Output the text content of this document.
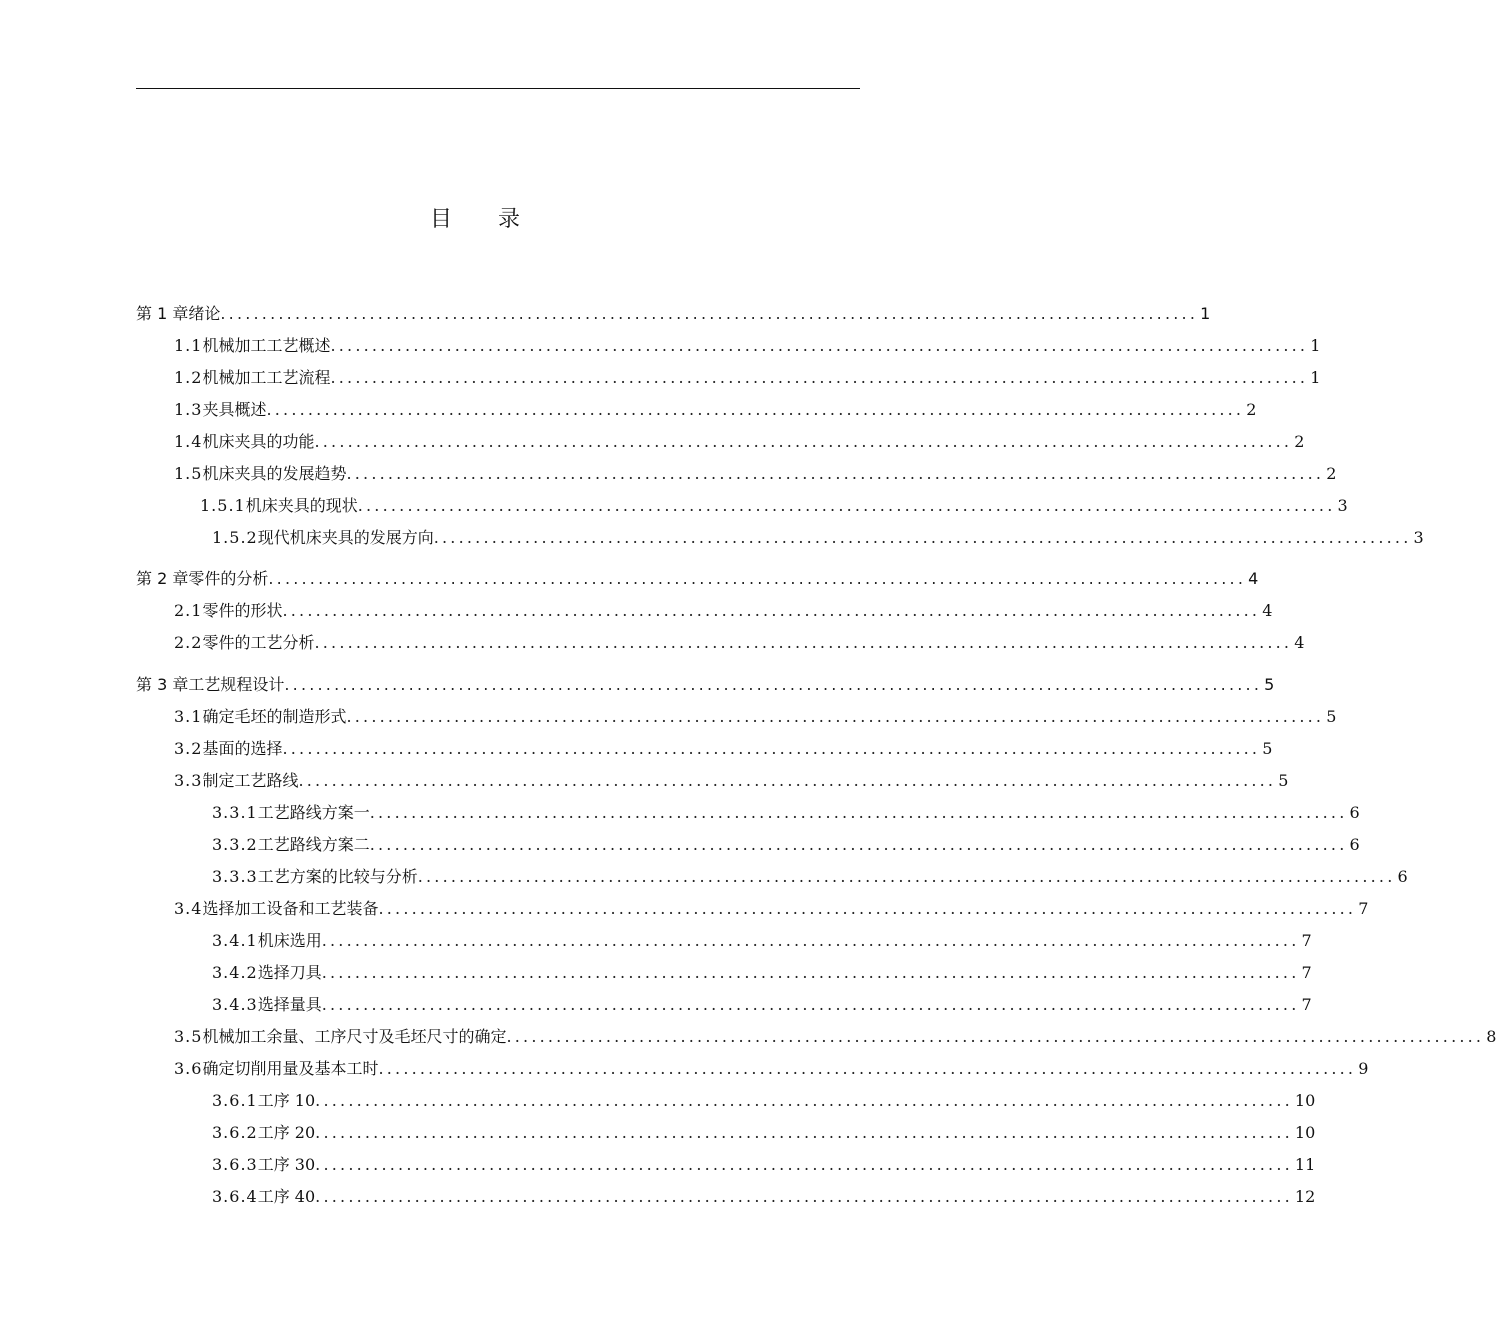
目 录
第 1 章 绪论 ...................................................................................................................... 1
1.1 机械加工工艺概述 ...................................................................................................................... 1
1.2 机械加工工艺流程 ...................................................................................................................... 1
1.3 夹具概述 ...................................................................................................................... 2
1.4 机床夹具的功能 ...................................................................................................................... 2
1.5 机床夹具的发展趋势 ...................................................................................................................... 2
1.5.1 机床夹具的现状 ...................................................................................................................... 3
1.5.2 现代机床夹具的发展方向 ...................................................................................................................... 3
第 2 章 零件的分析 ...................................................................................................................... 4
2.1 零件的形状 ...................................................................................................................... 4
2.2 零件的工艺分析 ...................................................................................................................... 4
第 3 章 工艺规程设计 ...................................................................................................................... 5
3.1 确定毛坯的制造形式 ...................................................................................................................... 5
3.2 基面的选择 ...................................................................................................................... 5
3.3 制定工艺路线 ...................................................................................................................... 5
3.3.1 工艺路线方案一 ...................................................................................................................... 6
3.3.2 工艺路线方案二 ...................................................................................................................... 6
3.3.3 工艺方案的比较与分析 ...................................................................................................................... 6
3.4 选择加工设备和工艺装备 ...................................................................................................................... 7
3.4.1 机床选用 ...................................................................................................................... 7
3.4.2 选择刀具 ...................................................................................................................... 7
3.4.3 选择量具 ...................................................................................................................... 7
3.5 机械加工余量、工序尺寸及毛坯尺寸的确定 ...................................................................................................................... 8
3.6 确定切削用量及基本工时 ...................................................................................................................... 9
3.6.1 工序 10 ...................................................................................................................... 10
3.6.2 工序 20 ...................................................................................................................... 10
3.6.3 工序 30 ...................................................................................................................... 11
3.6.4 工序 40 ...................................................................................................................... 12
